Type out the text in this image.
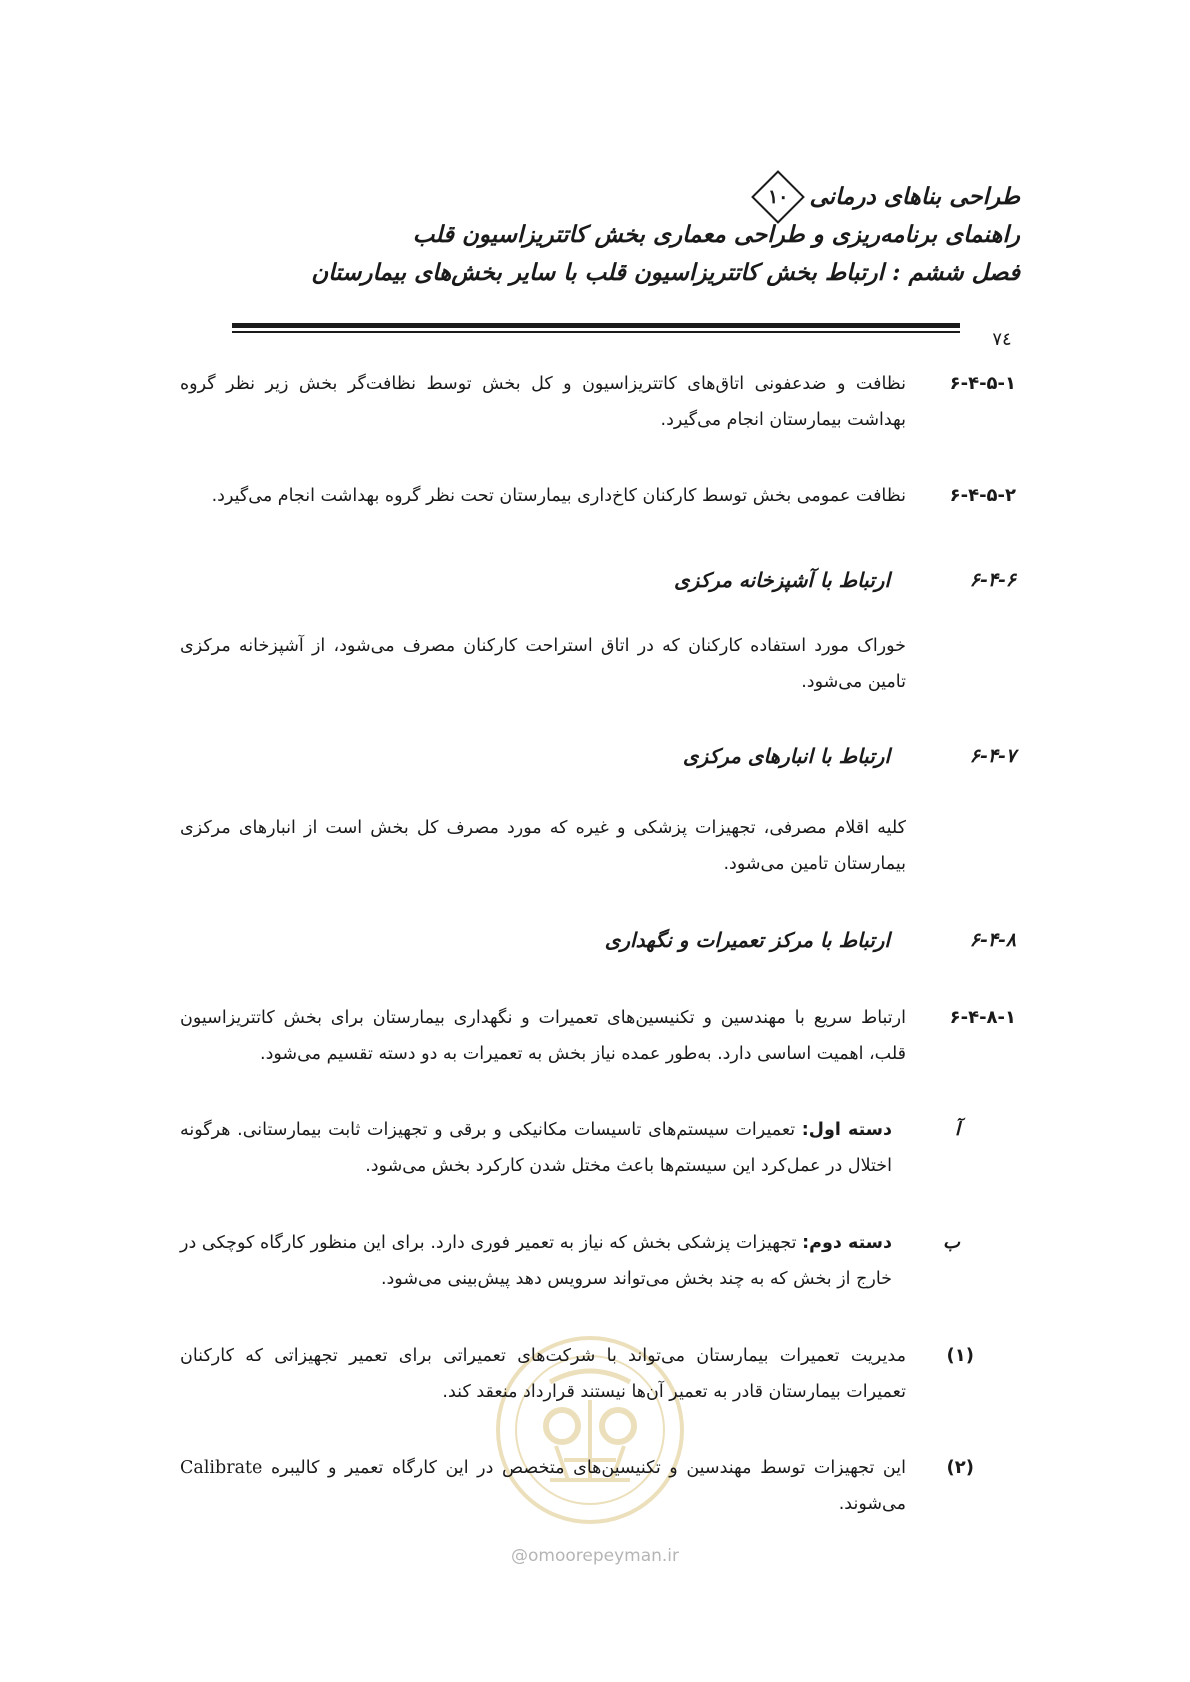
طراحی بناهای درمانی
۱۰
راهنمای برنامه‌ریزی و طراحی معماری بخش کاتتریزاسیون قلب
فصل ششم : ارتباط بخش کاتتریزاسیون قلب با سایر بخش‌های بیمارستان
۷٤
۶-۴-۵-۱
نظافت و ضدعفونی اتاق‌های کاتتریزاسیون و کل بخش توسط نظافت‌گر بخش زیر نظر گروه بهداشت بیمارستان انجام می‌گیرد.
۶-۴-۵-۲
نظافت عمومی بخش توسط کارکنان کاخ‌داری بیمارستان تحت نظر گروه بهداشت انجام می‌گیرد.
۶-۴-۶
ارتباط با آشپزخانه مرکزی
خوراک مورد استفاده کارکنان که در اتاق استراحت کارکنان مصرف می‌شود، از آشپزخانه مرکزی تامین می‌شود.
۶-۴-۷
ارتباط با انبارهای مرکزی
کلیه اقلام مصرفی، تجهیزات پزشکی و غیره که مورد مصرف کل بخش است از انبارهای مرکزی بیمارستان تامین می‌شود.
۶-۴-۸
ارتباط با مرکز تعمیرات و نگهداری
۶-۴-۸-۱
ارتباط سریع با مهندسین و تکنیسین‌های تعمیرات و نگهداری بیمارستان برای بخش کاتتریزاسیون قلب، اهمیت اساسی دارد. به‌طور عمده نیاز بخش به تعمیرات به دو دسته تقسیم می‌شود.
آ
دسته اول: تعمیرات سیستم‌های تاسیسات مکانیکی و برقی و تجهیزات ثابت بیمارستانی. هرگونه اختلال در عمل‌کرد این سیستم‌ها باعث مختل شدن کارکرد بخش می‌شود.
ب
دسته دوم: تجهیزات پزشکی بخش که نیاز به تعمیر فوری دارد. برای این منظور کارگاه کوچکی در خارج از بخش که به چند بخش می‌تواند سرویس دهد پیش‌بینی می‌شود.
@omoorepeyman.ir
(۱)
مدیریت تعمیرات بیمارستان می‌تواند با شرکت‌های تعمیراتی برای تعمیر تجهیزاتی که کارکنان تعمیرات بیمارستان قادر به تعمیر آن‌ها نیستند قرارداد منعقد کند.
(۲)
این تجهیزات توسط مهندسین و تکنیسین‌های متخصص در این کارگاه تعمیر و کالیبره Calibrate می‌شوند.
